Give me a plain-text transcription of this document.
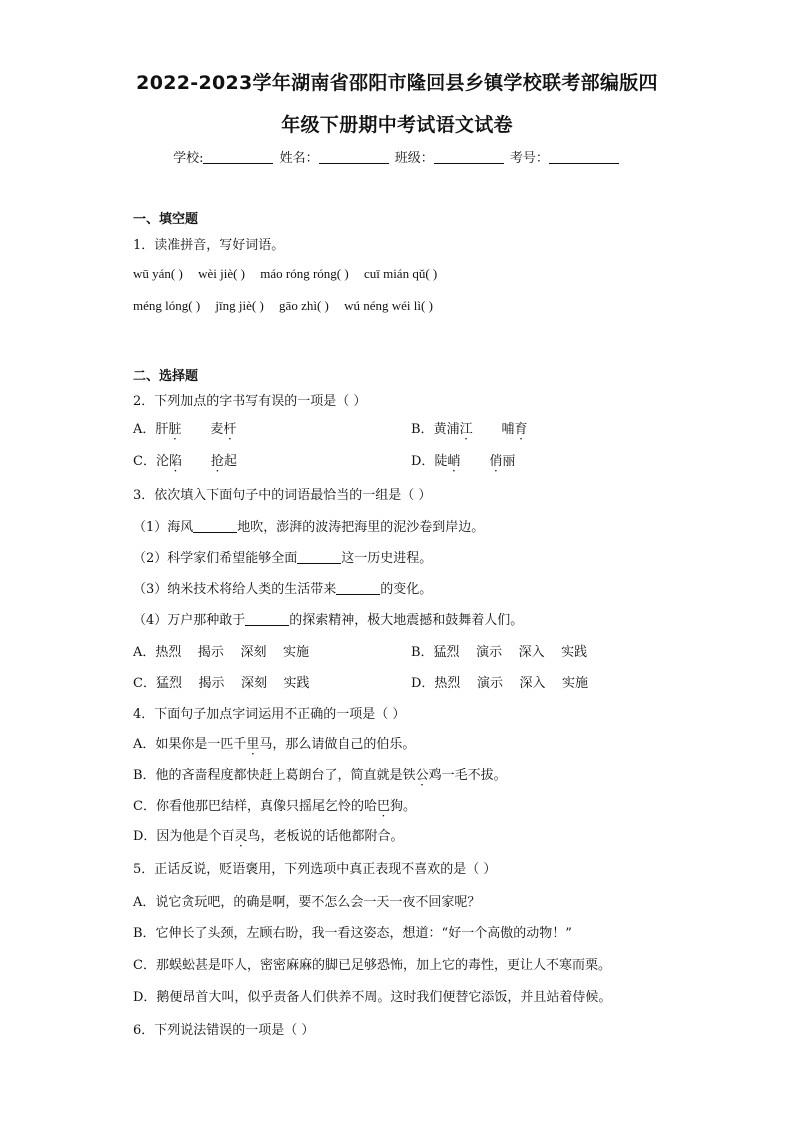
2022-2023学年湖南省邵阳市隆回县乡镇学校联考部编版四
年级下册期中考试语文试卷
学校:	姓名：	班级：	考号：
一、填空题
1．读准拼音，写好词语。
wū yán( ) wèi jiè( ) máo róng róng( ) cuī mián qǔ( )
méng lóng( ) jīng jiè( ) gāo zhì( ) wú néng wéi lì( )
二、选择题
2．下列加点的字书写有误的一项是（ ）
A．肝脏 麦杆	B．黄浦江 哺育
C．沦陷 抢起	D．陡峭 俏丽
3．依次填入下面句子中的词语最恰当的一组是（ ）
（1）海风	地吹，澎湃的波涛把海里的泥沙卷到岸边。
（2）科学家们希望能够全面	这一历史进程。
（3）纳米技术将给人类的生活带来	的变化。
（4）万户那种敢于	的探索精神，极大地震撼和鼓舞着人们。
A．热烈    揭示    深刻    实施	B．猛烈    演示    深入    实践
C．猛烈    揭示    深刻    实践	D．热烈    演示    深入    实施
4．下面句子加点字词运用不正确的一项是（ ）
A．如果你是一匹千里马，那么请做自己的伯乐。
B．他的吝啬程度都快赶上葛朗台了，简直就是铁公鸡一毛不拔。
C．你看他那巴结样，真像只摇尾乞怜的哈巴狗。
D．因为他是个百灵鸟，老板说的话他都附合。
5．正话反说，贬语褒用，下列选项中真正表现不喜欢的是（ ）
A．说它贪玩吧，的确是啊，要不怎么会一天一夜不回家呢？
B．它伸长了头颈，左顾右盼，我一看这姿态，想道：“好一个高傲的动物！”
C．那蜈蚣甚是吓人，密密麻麻的脚已足够恐怖，加上它的毒性，更让人不寒而栗。
D．鹅便昂首大叫，似乎责备人们供养不周。这时我们便替它添饭，并且站着侍候。
6．下列说法错误的一项是（ ）
